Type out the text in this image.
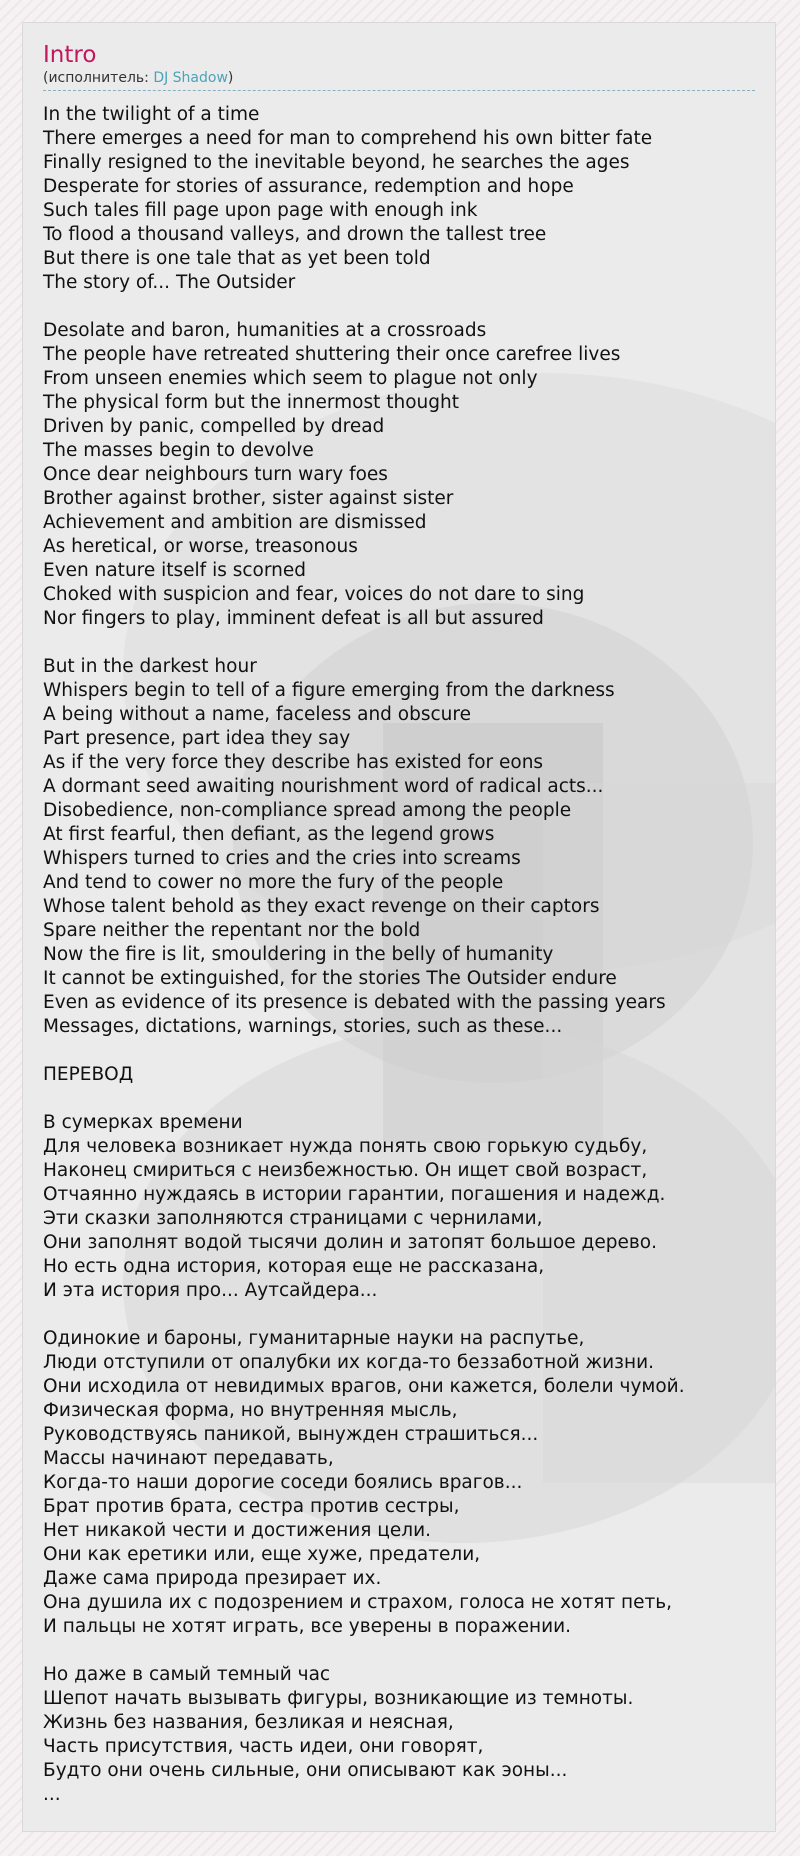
Intro
(исполнитель: DJ Shadow)
In the twilight of a time
There emerges a need for man to comprehend his own bitter fate
Finally resigned to the inevitable beyond, he searches the ages
Desperate for stories of assurance, redemption and hope
Such tales fill page upon page with enough ink
To flood a thousand valleys, and drown the tallest tree
But there is one tale that as yet been told
The story of... The Outsider
Desolate and baron, humanities at a crossroads
The people have retreated shuttering their once carefree lives
From unseen enemies which seem to plague not only
The physical form but the innermost thought
Driven by panic, compelled by dread
The masses begin to devolve
Once dear neighbours turn wary foes
Brother against brother, sister against sister
Achievement and ambition are dismissed
As heretical, or worse, treasonous
Even nature itself is scorned
Choked with suspicion and fear, voices do not dare to sing
Nor fingers to play, imminent defeat is all but assured
But in the darkest hour
Whispers begin to tell of a figure emerging from the darkness
A being without a name, faceless and obscure
Part presence, part idea they say
As if the very force they describe has existed for eons
A dormant seed awaiting nourishment word of radical acts...
Disobedience, non-compliance spread among the people
At first fearful, then defiant, as the legend grows
Whispers turned to cries and the cries into screams
And tend to cower no more the fury of the people
Whose talent behold as they exact revenge on their captors
Spare neither the repentant nor the bold
Now the fire is lit, smouldering in the belly of humanity
It cannot be extinguished, for the stories The Outsider endure
Even as evidence of its presence is debated with the passing years
Messages, dictations, warnings, stories, such as these...
ПЕРЕВОД
В сумерках времени
Для человека возникает нужда понять свою горькую судьбу,
Наконец смириться с неизбежностью. Он ищет свой возраст,
Отчаянно нуждаясь в истории гарантии, погашения и надежд.
Эти сказки заполняются страницами с чернилами,
Они заполнят водой тысячи долин и затопят большое дерево.
Но есть одна история, которая еще не рассказана,
И эта история про... Аутсайдера...
Одинокие и бароны, гуманитарные науки на распутье,
Люди отступили от опалубки их когда-то беззаботной жизни.
Они исходила от невидимых врагов, они кажется, болели чумой.
Физическая форма, но внутренняя мысль,
Руководствуясь паникой, вынужден страшиться...
Массы начинают передавать,
Когда-то наши дорогие соседи боялись врагов...
Брат против брата, сестра против сестры,
Нет никакой чести и достижения цели.
Они как еретики или, еще хуже, предатели,
Даже сама природа презирает их.
Она душила их с подозрением и страхом, голоса не хотят петь,
И пальцы не хотят играть, все уверены в поражении.
Но даже в самый темный час
Шепот начать вызывать фигуры, возникающие из темноты.
Жизнь без названия, безликая и неясная,
Часть присутствия, часть идеи, они говорят,
Будто они очень сильные, они описывают как эоны...
...
